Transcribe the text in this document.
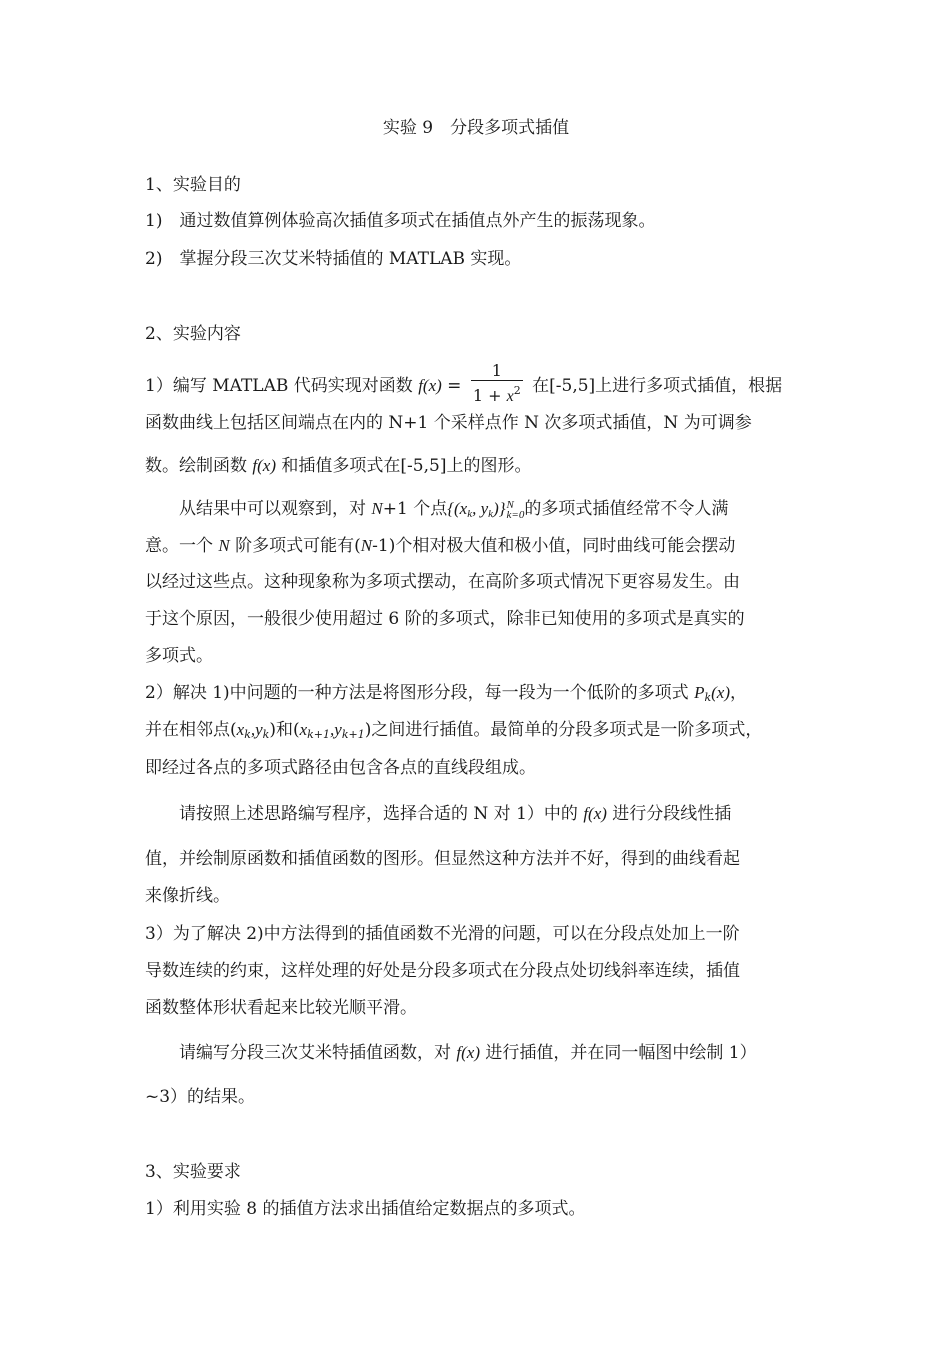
实验 9　分段多项式插值
1、实验目的
1)　通过数值算例体验高次插值多项式在插值点外产生的振荡现象。
2)　掌握分段三次艾米特插值的 MATLAB 实现。
2、实验内容
1）编写 MATLAB 代码实现对函数 $f(x) = \frac{1}{1 + x^2}$ 在[-5,5]上进行多项式插值，根据
函数曲线上包括区间端点在内的 N+1 个采样点作 N 次多项式插值，N 为可调参
数。绘制函数 f(x) 和插值多项式在[-5,5]上的图形。
从结果中可以观察到，对 N+1 个点{($x_k$, $y_k$)} N
k=0 的多项式插值经常不令人满
意。一个 N 阶多项式可能有(N-1)个相对极大值和极小值，同时曲线可能会摆动
以经过这些点。这种现象称为多项式摆动，在高阶多项式情况下更容易发生。由
于这个原因，一般很少使用超过 6 阶的多项式，除非已知使用的多项式是真实的
多项式。
2）解决 1)中问题的一种方法是将图形分段，每一段为一个低阶的多项式 $P_k(x)$，
并在相邻点$(x_k,y_k)$和$(x_{k+1},y_{k+1})$之间进行插值。最简单的分段多项式是一阶多项式，
即经过各点的多项式路径由包含各点的直线段组成。
请按照上述思路编写程序，选择合适的 N 对 1）中的 f(x) 进行分段线性插
值，并绘制原函数和插值函数的图形。但显然这种方法并不好，得到的曲线看起
来像折线。
3）为了解决 2)中方法得到的插值函数不光滑的问题，可以在分段点处加上一阶
导数连续的约束，这样处理的好处是分段多项式在分段点处切线斜率连续，插值
函数整体形状看起来比较光顺平滑。
请编写分段三次艾米特插值函数，对 f(x) 进行插值，并在同一幅图中绘制 1）
~3）的结果。
3、实验要求
1）利用实验 8 的插值方法求出插值给定数据点的多项式。
